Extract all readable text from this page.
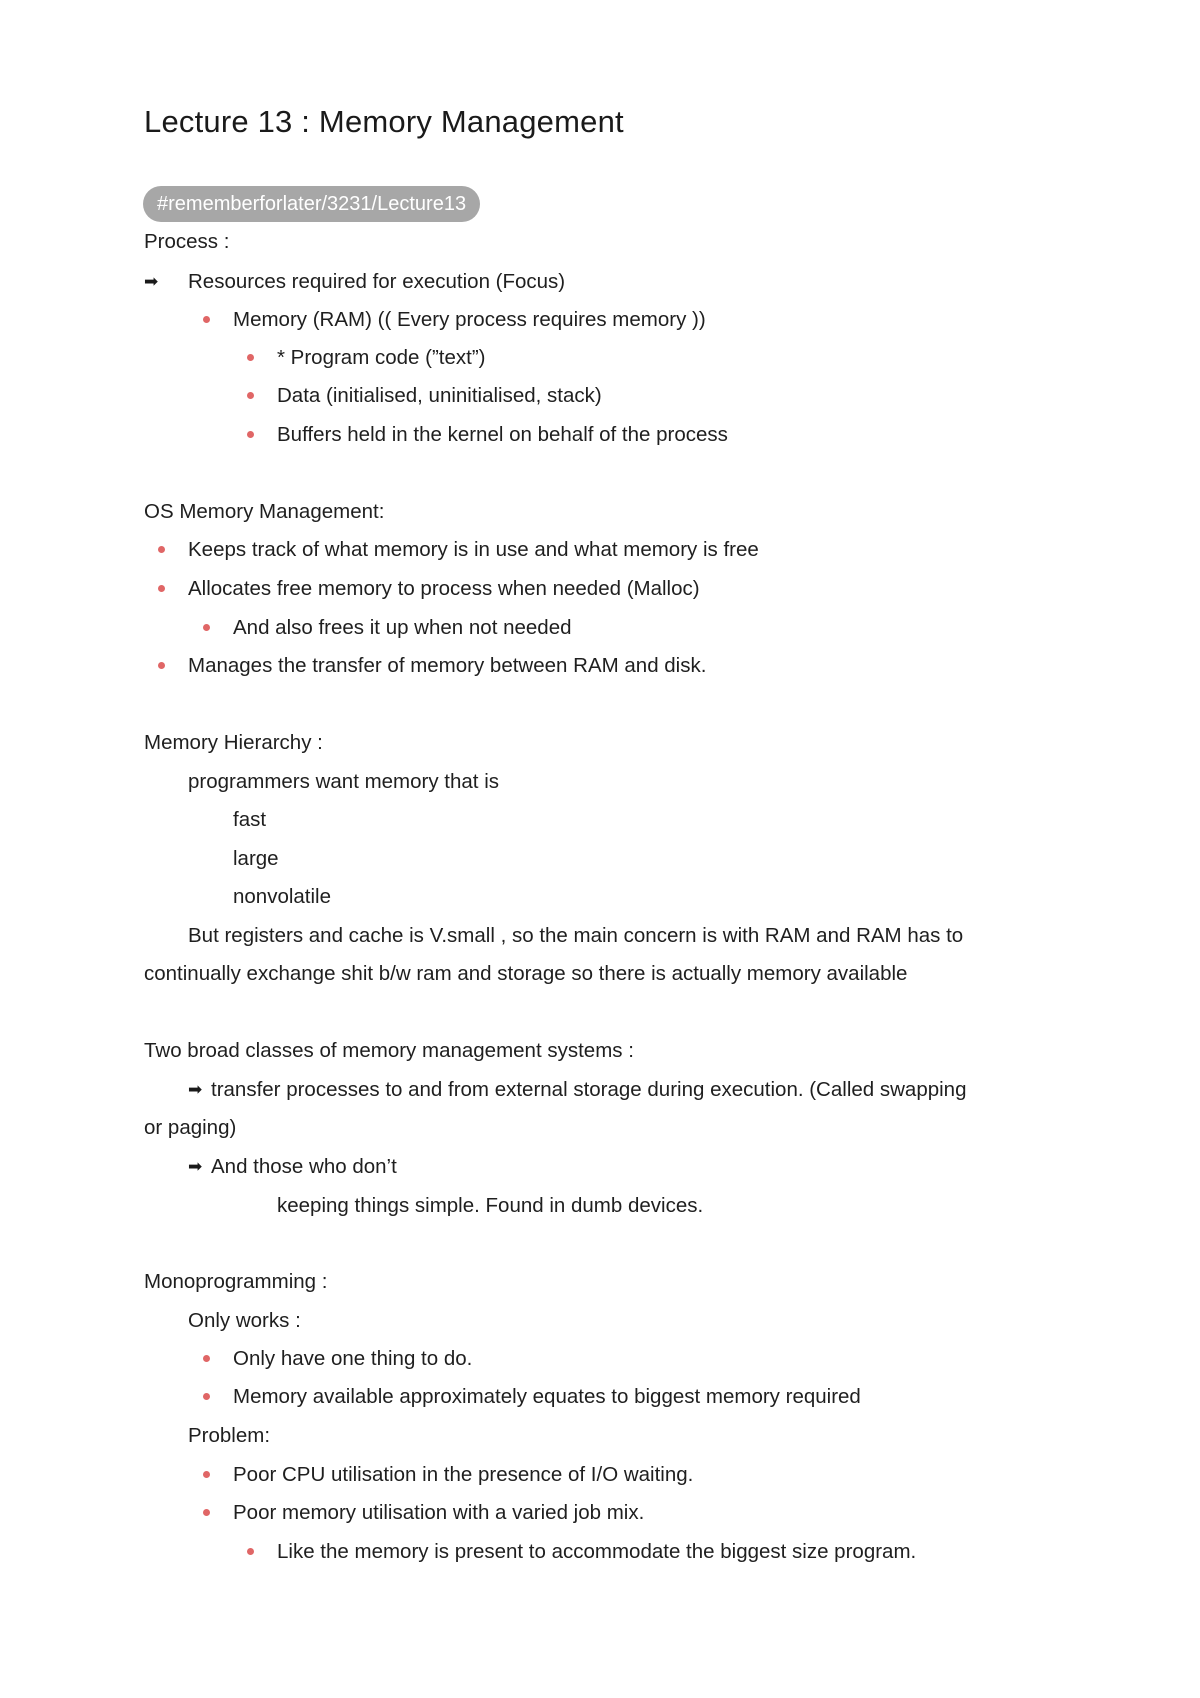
Lecture 13 : Memory Management
#rememberforlater/3231/Lecture13
Process :
➡ Resources required for execution (Focus)
Memory (RAM) (( Every process requires memory ))
* Program code (”text”)
Data (initialised, uninitialised, stack)
Buffers held in the kernel on behalf of the process
OS Memory Management:
Keeps track of what memory is in use and what memory is free
Allocates free memory to process when needed (Malloc)
And also frees it up when not needed
Manages the transfer of memory between RAM and disk.
Memory Hierarchy :
programmers want memory that is
fast
large
nonvolatile
But registers and cache is V.small , so the main concern is with RAM and RAM has to
continually exchange shit b/w ram and storage so there is actually memory available
Two broad classes of memory management systems :
➡ transfer processes to and from external storage during execution. (Called swapping
or paging)
➡ And those who don’t
keeping things simple. Found in dumb devices.
Monoprogramming :
Only works :
Only have one thing to do.
Memory available approximately equates to biggest memory required
Problem:
Poor CPU utilisation in the presence of I/O waiting.
Poor memory utilisation with a varied job mix.
Like the memory is present to accommodate the biggest size program.
